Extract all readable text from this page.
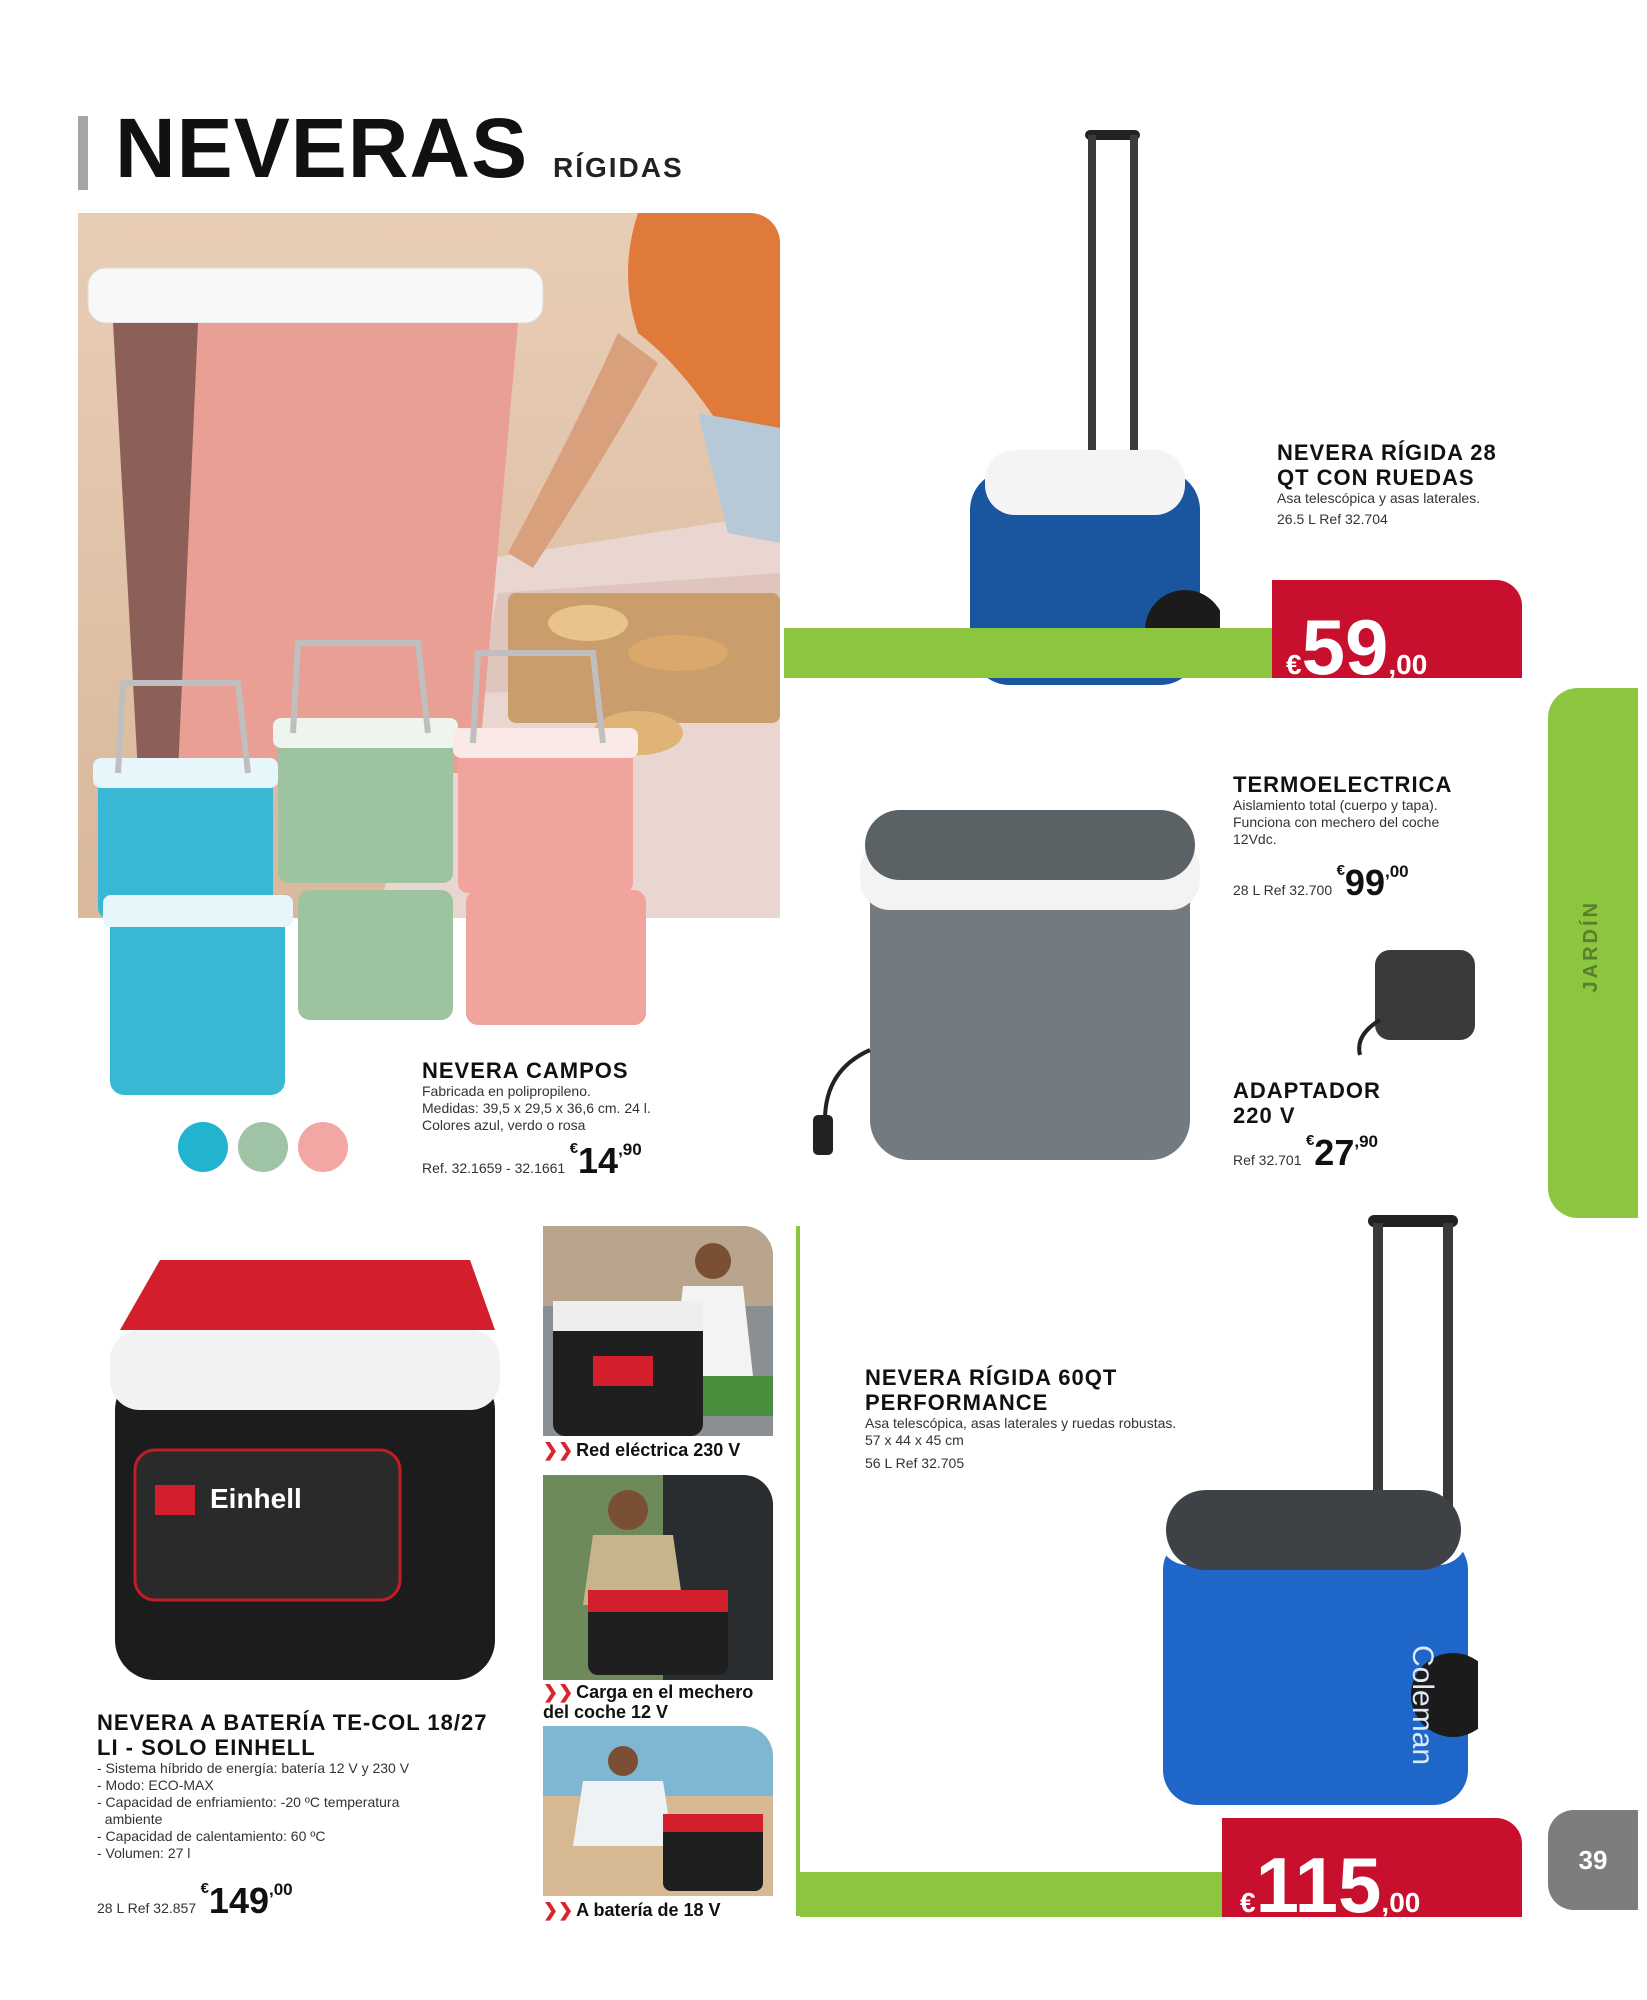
NEVERAS RÍGIDAS
NEVERA CAMPOS
Fabricada en polipropileno.
Medidas: 39,5 x 29,5 x 36,6 cm. 24 l.
Colores azul, verdo o rosa
Ref. 32.1659 - 32.1661 €14,90
NEVERA RÍGIDA 28
QT CON RUEDAS
Asa telescópica y asas laterales.
26.5 L Ref 32.704
€59,00
TERMOELECTRICA
Aislamiento total (cuerpo y tapa).
Funciona con mechero del coche
12Vdc.
28 L Ref 32.700 €99,00
ADAPTADOR
220 V
Ref 32.701 €27,90
JARDÍN
Einhell
NEVERA A BATERÍA TE-COL 18/27
LI - SOLO EINHELL
- Sistema híbrido de energía: batería 12 V y 230 V
- Modo: ECO-MAX
- Capacidad de enfriamiento: -20 ºC temperatura
ambiente
- Capacidad de calentamiento: 60 ºC
- Volumen: 27 l
28 L Ref 32.857 €149,00
❯❯ Red eléctrica 230 V
❯❯ Carga en el mechero
del coche 12 V
❯❯ A batería de 18 V
NEVERA RÍGIDA 60QT
PERFORMANCE
Asa telescópica, asas laterales y ruedas robustas.
57 x 44 x 45 cm
56 L Ref 32.705
Coleman
€115,00
39
